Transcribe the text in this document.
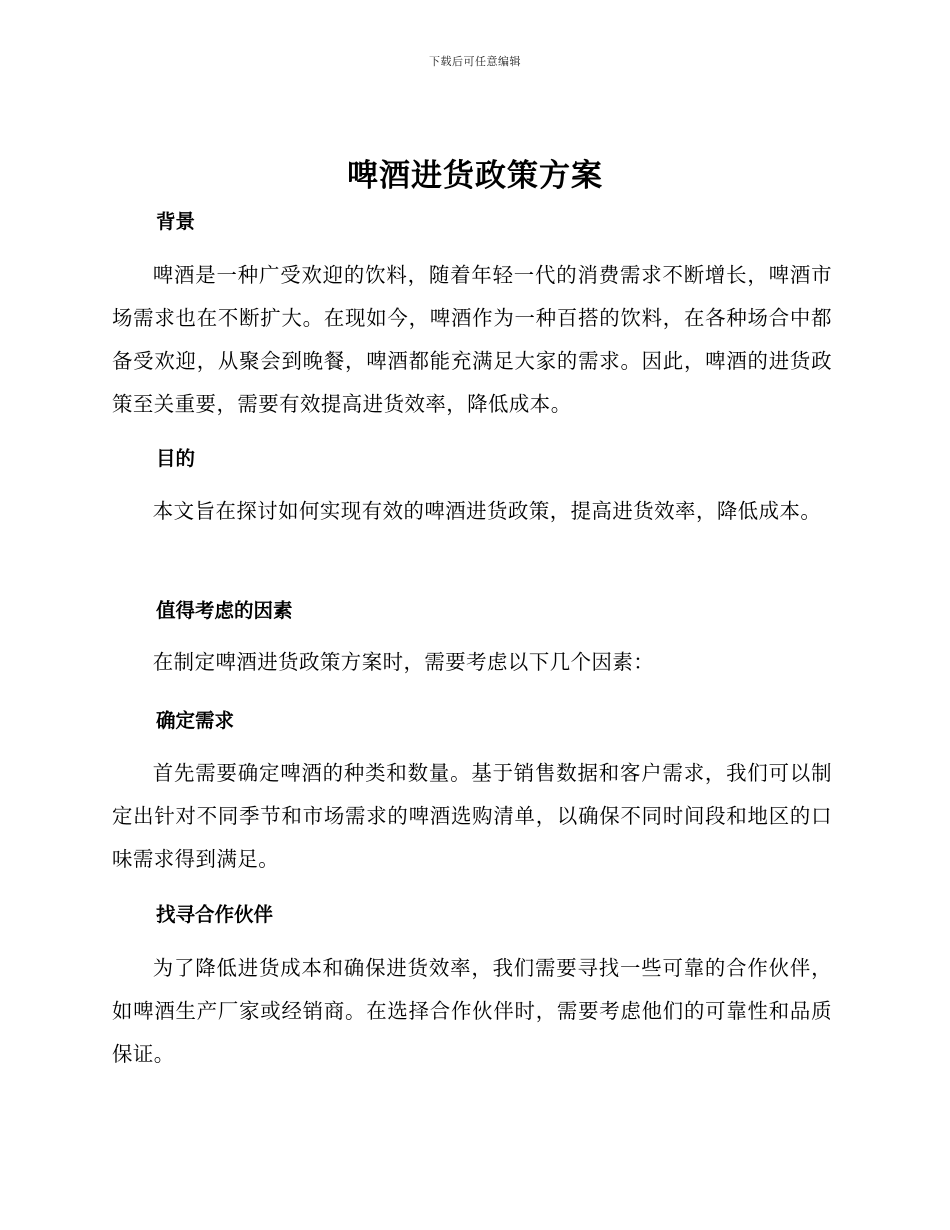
下载后可任意编辑
啤酒进货政策方案
背景

啤酒是一种广受欢迎的饮料，随着年轻一代的消费需求不断增长，啤酒市场需求也在不断扩大。在现如今，啤酒作为一种百搭的饮料，在各种场合中都备受欢迎，从聚会到晚餐，啤酒都能充满足大家的需求。因此，啤酒的进货政策至关重要，需要有效提高进货效率，降低成本。

目的

本文旨在探讨如何实现有效的啤酒进货政策，提高进货效率，降低成本。

值得考虑的因素

在制定啤酒进货政策方案时，需要考虑以下几个因素：

确定需求

首先需要确定啤酒的种类和数量。基于销售数据和客户需求，我们可以制定出针对不同季节和市场需求的啤酒选购清单，以确保不同时间段和地区的口味需求得到满足。

找寻合作伙伴

为了降低进货成本和确保进货效率，我们需要寻找一些可靠的合作伙伴，如啤酒生产厂家或经销商。在选择合作伙伴时，需要考虑他们的可靠性和品质保证。
